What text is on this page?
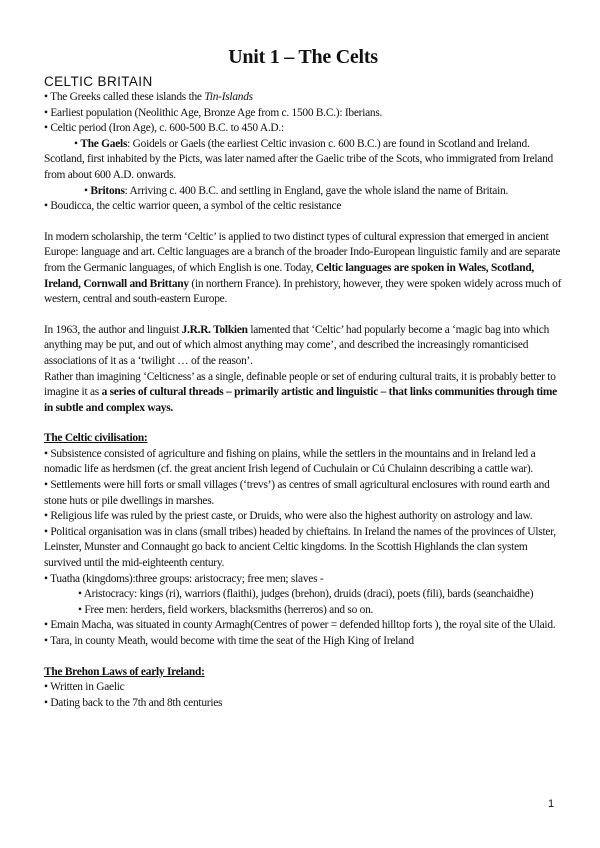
Unit 1 – The Celts
CELTIC BRITAIN

• The Greeks called these islands the Tin-Islands

• Earliest population (Neolithic Age, Bronze Age from c. 1500 B.C.): Iberians.

• Celtic period (Iron Age), c. 600-500 B.C. to 450 A.D.:

• The Gaels: Goidels or Gaels (the earliest Celtic invasion c. 600 B.C.) are found in Scotland and Ireland. Scotland, first inhabited by the Picts, was later named after the Gaelic tribe of the Scots, who immigrated from Ireland from about 600 A.D. onwards.

• Britons: Arriving c. 400 B.C. and settling in England, gave the whole island the name of Britain.

• Boudicca, the celtic warrior queen, a symbol of the celtic resistance

In modern scholarship, the term ‘Celtic’ is applied to two distinct types of cultural expression that emerged in ancient Europe: language and art. Celtic languages are a branch of the broader Indo-European linguistic family and are separate from the Germanic languages, of which English is one. Today, Celtic languages are spoken in Wales, Scotland, Ireland, Cornwall and Brittany (in northern France). In prehistory, however, they were spoken widely across much of western, central and south-eastern Europe.

In 1963, the author and linguist J.R.R. Tolkien lamented that ‘Celtic’ had popularly become a ‘magic bag into which anything may be put, and out of which almost anything may come’, and described the increasingly romanticised associations of it as a ‘twilight … of the reason’.

Rather than imagining ‘Celticness’ as a single, definable people or set of enduring cultural traits, it is probably better to imagine it as a series of cultural threads – primarily artistic and linguistic – that links communities through time in subtle and complex ways.

The Celtic civilisation:

• Subsistence consisted of agriculture and fishing on plains, while the settlers in the mountains and in Ireland led a nomadic life as herdsmen (cf. the great ancient Irish legend of Cuchulain or Cú Chulainn describing a cattle war).

• Settlements were hill forts or small villages (‘trevs’) as centres of small agricultural enclosures with round earth and stone huts or pile dwellings in marshes.

• Religious life was ruled by the priest caste, or Druids, who were also the highest authority on astrology and law.

• Political organisation was in clans (small tribes) headed by chieftains. In Ireland the names of the provinces of Ulster, Leinster, Munster and Connaught go back to ancient Celtic kingdoms. In the Scottish Highlands the clan system survived until the mid-eighteenth century.

• Tuatha (kingdoms):three groups: aristocracy; free men; slaves -

• Aristocracy: kings (ri), warriors (flaithi), judges (brehon), druids (draci), poets (fili), bards (seanchaidhe)

• Free men: herders, field workers, blacksmiths (herreros) and so on.

• Emain Macha, was situated in county Armagh(Centres of power = defended hilltop forts ), the royal site of the Ulaid.

• Tara, in county Meath, would become with time the seat of the High King of Ireland

The Brehon Laws of early Ireland:

• Written in Gaelic

• Dating back to the 7th and 8th centuries

1
